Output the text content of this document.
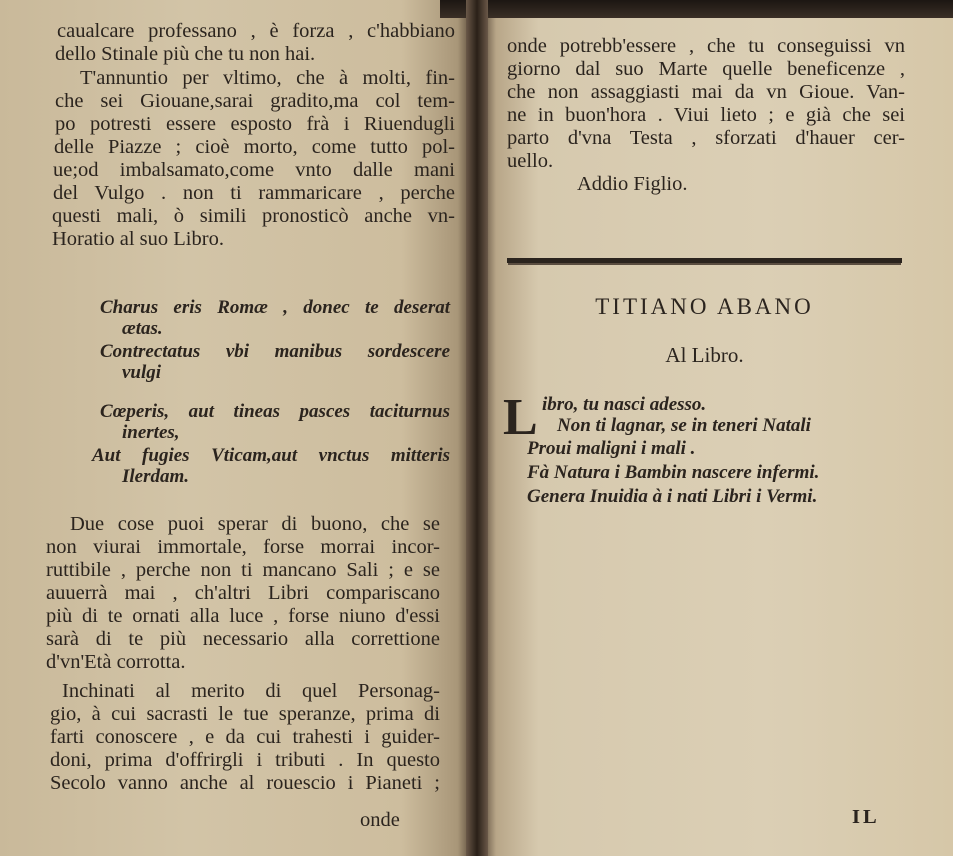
caualcare professano , è forza , c'habbiano
dello Stinale più che tu non hai.
T'annuntio per vltimo, che à molti, fin-
che sei Giouane,sarai gradito,ma col tem-
po potresti essere esposto frà i Riuendugli
delle Piazze ; cioè morto, come tutto pol-
ue;od imbalsamato,come vnto dalle mani
del Vulgo . non ti rammaricare , perche
questi mali, ò simili pronosticò anche vn-
Horatio al suo Libro.
Charus eris Romæ , donec te deserat
ætas.
Contrectatus vbi manibus sordescere
vulgi
Cœperis, aut tineas pasces taciturnus
inertes,
Aut fugies Vticam,aut vnctus mitteris
Ilerdam.
Due cose puoi sperar di buono, che se
non viurai immortale, forse morrai incor-
ruttibile , perche non ti mancano Sali ; e se
auuerrà mai , ch'altri Libri compariscano
più di te ornati alla luce , forse niuno d'essi
sarà di te più necessario alla correttione
d'vn'Età corrotta.
Inchinati al merito di quel Personag-
gio, à cui sacrasti le tue speranze, prima di
farti conoscere , e da cui trahesti i guider-
doni, prima d'offrirgli i tributi . In questo
Secolo vanno anche al rouescio i Pianeti ;
onde potrebb'essere , che tu conseguissi vn
giorno dal suo Marte quelle beneficenze ,
che non assaggiasti mai da vn Gioue. Van-
ne in buon'hora . Viui lieto ; e già che sei
parto d'vna Testa , sforzati d'hauer cer-
uello.
ibro, tu nasci adesso.
Non ti lagnar, se in teneri Natali
Proui maligni i mali .
Fà Natura i Bambin nascere infermi.
Genera Inuidia à i nati Libri i Vermi.
TITIANO ABANO
Al Libro.
L
Addio Figlio.
onde	IL
